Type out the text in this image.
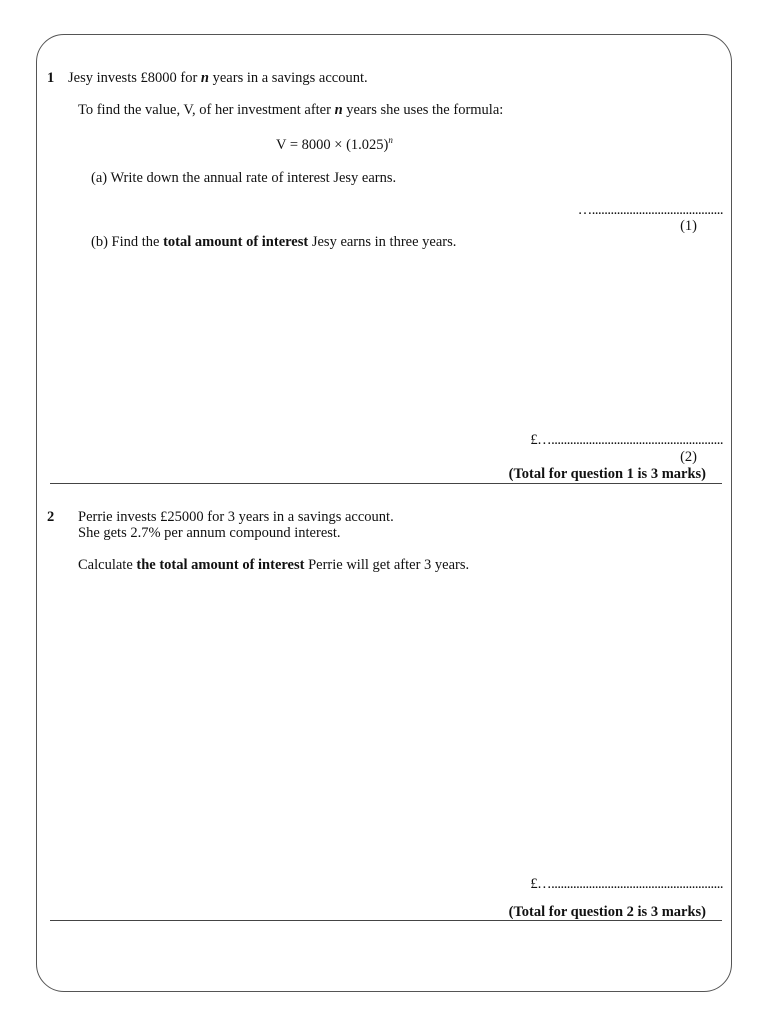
1 Jesy invests £8000 for n years in a savings account.
To find the value, V, of her investment after n years she uses the formula:
$V = 8000 \times (1.025)^n$
(a) Write down the annual rate of interest Jesy earns.
…..........................................
(1)
(b) Find the total amount of interest Jesy earns in three years.
£….......................................................
(2)
(Total for question 1 is 3 marks)
2 Perrie invests £25000 for 3 years in a savings account.
She gets 2.7% per annum compound interest.
Calculate the total amount of interest Perrie will get after 3 years.
£….......................................................
(Total for question 2 is 3 marks)
